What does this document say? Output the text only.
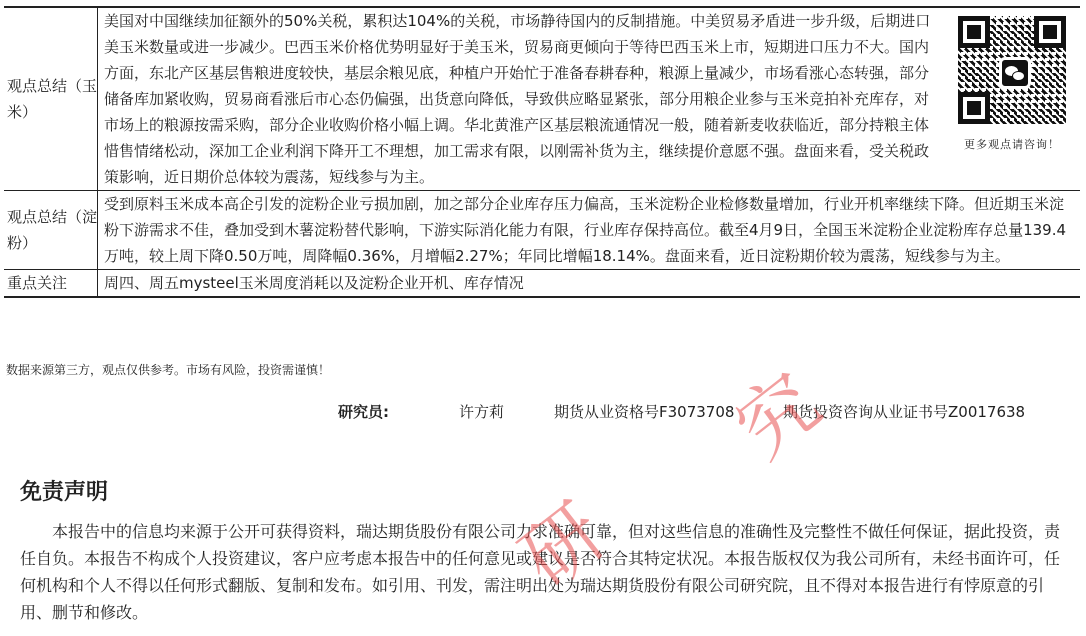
观点总结（玉米）	美国对中国继续加征额外的50%关税，累积达104%的关税，市场静待国内的反制措施。中美贸易矛盾进一步升级，后期进口美玉米数量或进一步减少。巴西玉米价格优势明显好于美玉米，贸易商更倾向于等待巴西玉米上市，短期进口压力不大。国内方面，东北产区基层售粮进度较快，基层余粮见底，种植户开始忙于准备春耕春种，粮源上量减少，市场看涨心态转强，部分储备库加紧收购，贸易商看涨后市心态仍偏强，出货意向降低，导致供应略显紧张，部分用粮企业参与玉米竞拍补充库存，对市场上的粮源按需采购，部分企业收购价格小幅上调。华北黄淮产区基层粮流通情况一般，随着新麦收获临近，部分持粮主体惜售情绪松动，深加工企业利润下降开工不理想，加工需求有限，以刚需补货为主，继续提价意愿不强。盘面来看，受关税政策影响，近日期价总体较为震荡，短线参与为主。
更多观点请咨询！

观点总结（淀粉）	受到原料玉米成本高企引发的淀粉企业亏损加剧，加之部分企业库存压力偏高，玉米淀粉企业检修数量增加，行业开机率继续下降。但近期玉米淀粉下游需求不佳，叠加受到木薯淀粉替代影响，下游实际消化能力有限，行业库存保持高位。截至4月9日，全国玉米淀粉企业淀粉库存总量139.4万吨，较上周下降0.50万吨，周降幅0.36%，月增幅2.27%；年同比增幅18.14%。盘面来看，近日淀粉期价较为震荡，短线参与为主。
重点关注	周四、周五mysteel玉米周度消耗以及淀粉企业开机、库存情况
数据来源第三方，观点仅供参考。市场有风险，投资需谨慎！
研究员:	许方莉	期货从业资格号F3073708	期货投资咨询从业证书号Z0017638
免责声明
本报告中的信息均来源于公开可获得资料，瑞达期货股份有限公司力求准确可靠，但对这些信息的准确性及完整性不做任何保证，据此投资，责任自负。本报告不构成个人投资建议，客户应考虑本报告中的任何意见或建议是否符合其特定状况。本报告版权仅为我公司所有，未经书面许可，任何机构和个人不得以任何形式翻版、复制和发布。如引用、刊发，需注明出处为瑞达期货股份有限公司研究院，且不得对本报告进行有悖原意的引用、删节和修改。
研
究
